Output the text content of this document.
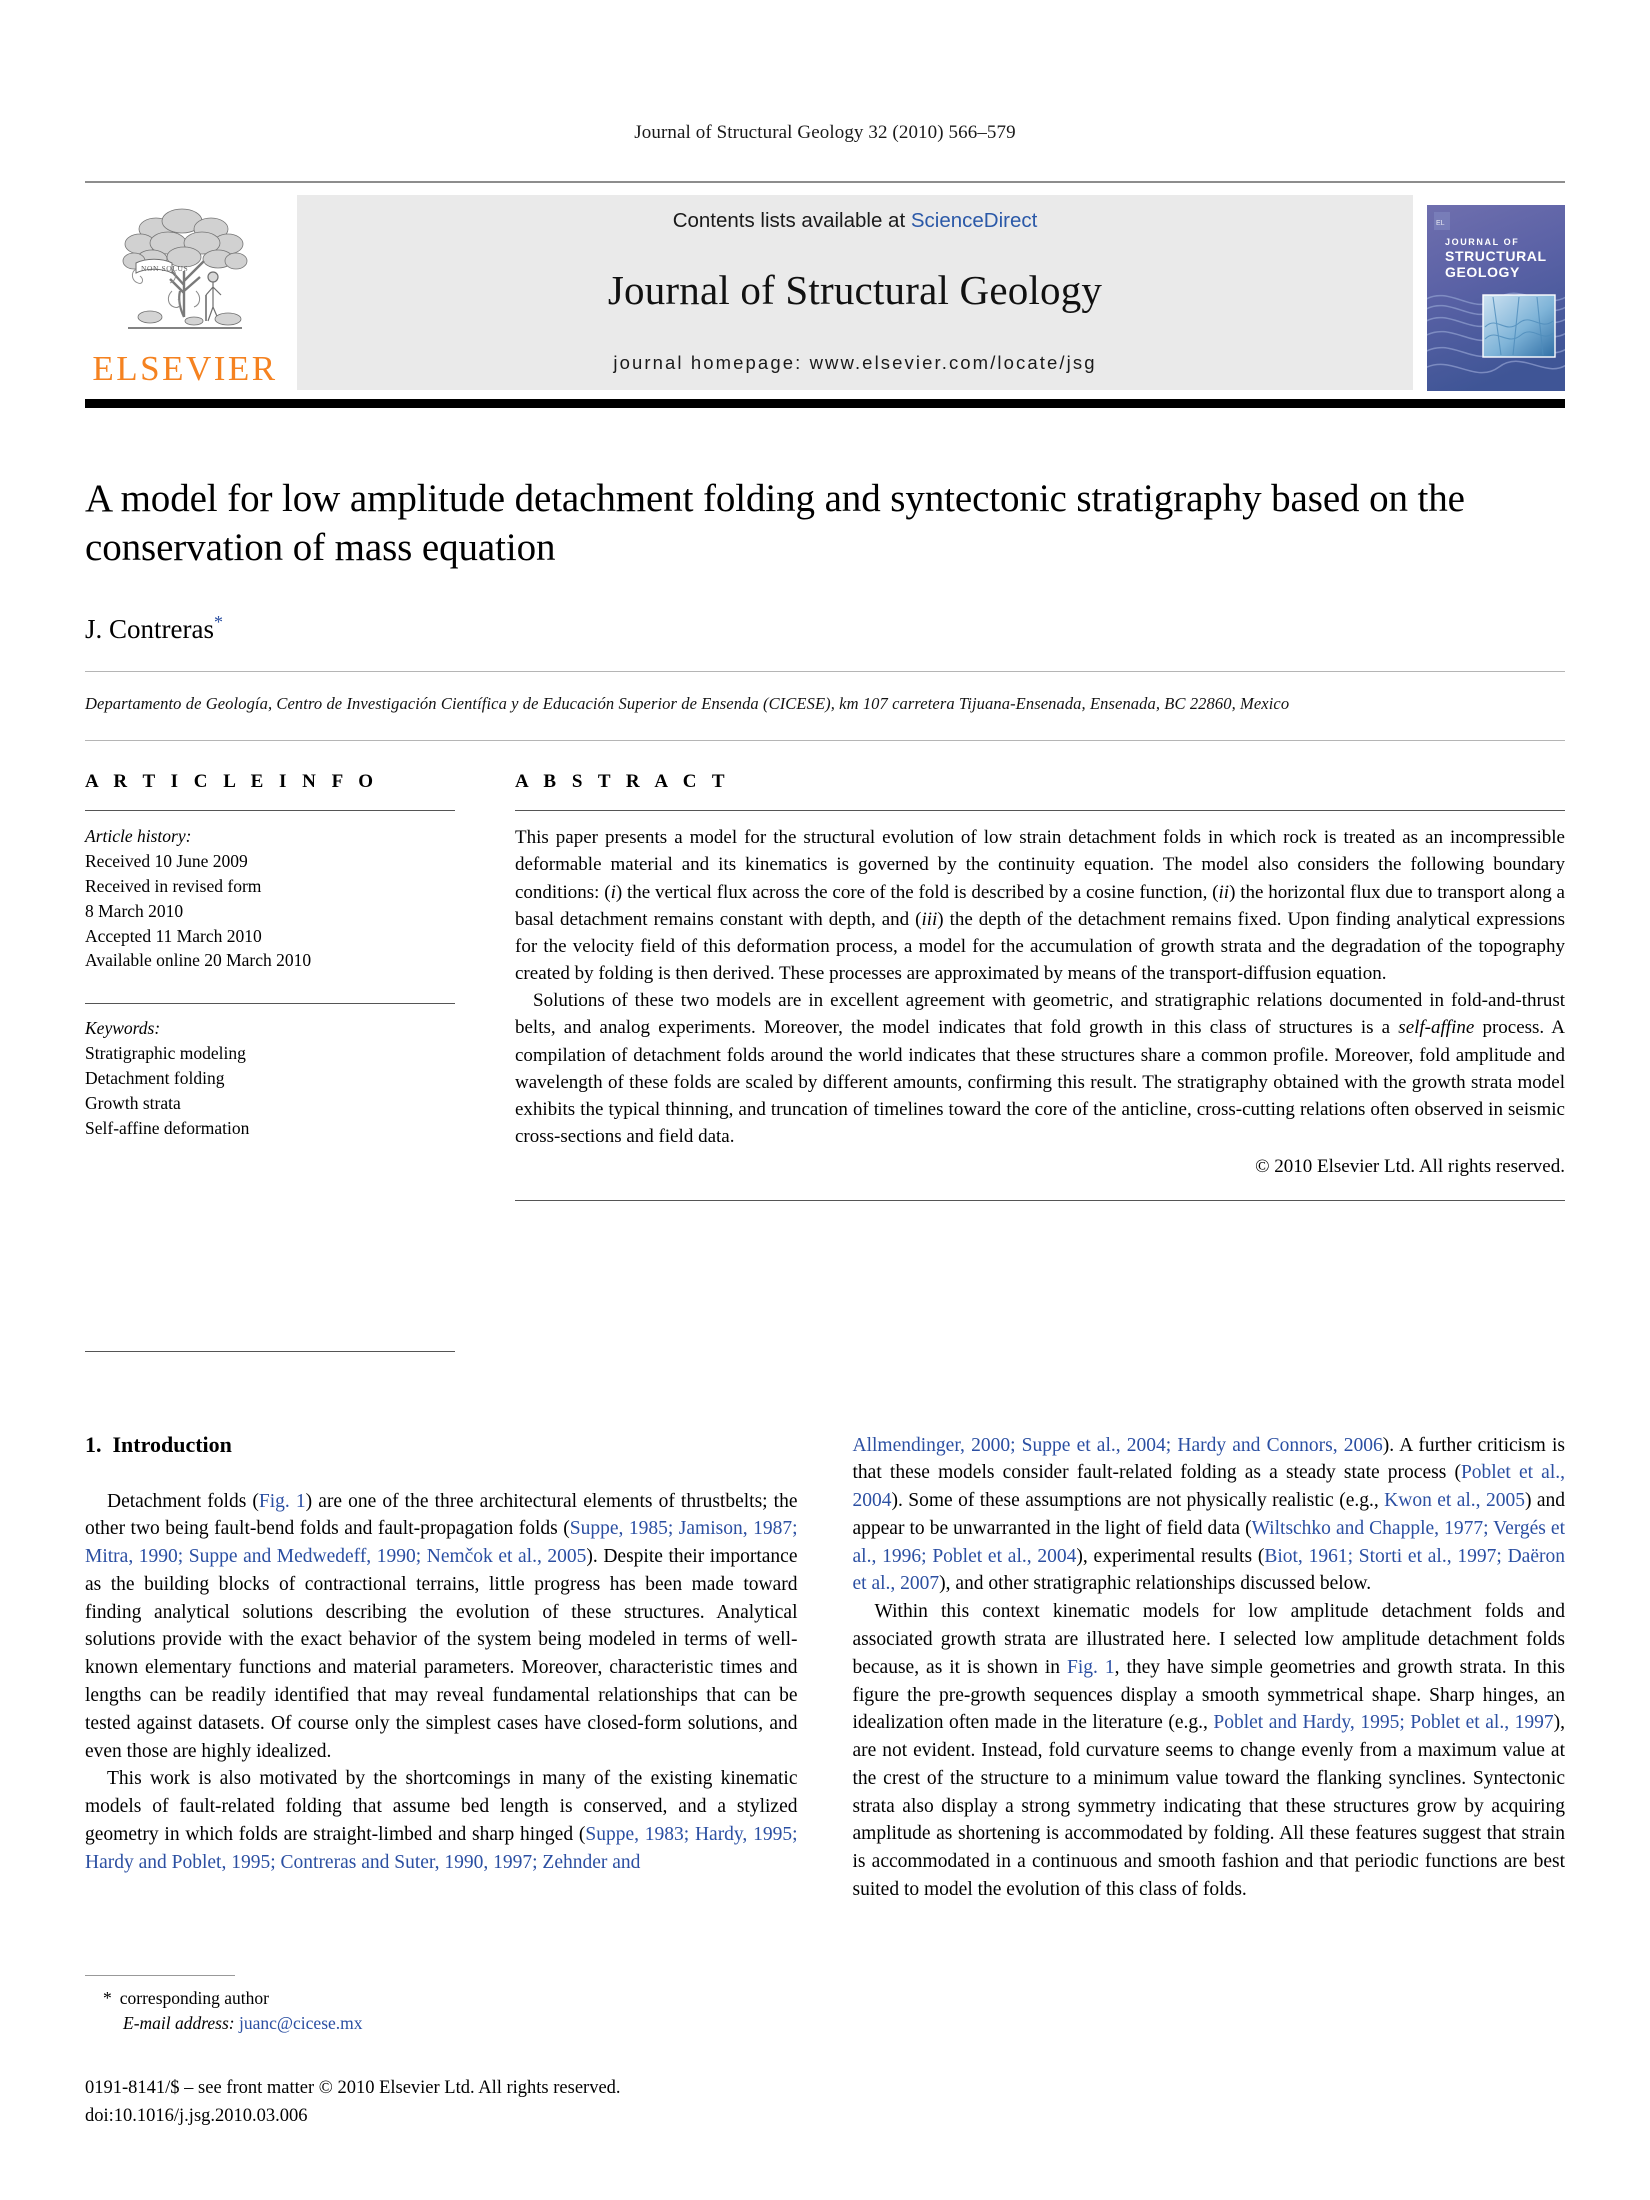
Journal of Structural Geology 32 (2010) 566–579
NON SOLUS
ELSEVIER
Contents lists available at ScienceDirect
Journal of Structural Geology
journal homepage: www.elsevier.com/locate/jsg
EL
JOURNAL OF
STRUCTURAL
GEOLOGY
A model for low amplitude detachment folding and syntectonic stratigraphy based on the conservation of mass equation
J. Contreras*
Departamento de Geología, Centro de Investigación Científica y de Educación Superior de Ensenda (CICESE), km 107 carretera Tijuana-Ensenada, Ensenada, BC 22860, Mexico
A R T I C L E I N F O
Article history:
Received 10 June 2009
Received in revised form
8 March 2010
Accepted 11 March 2010
Available online 20 March 2010
Keywords:
Stratigraphic modeling
Detachment folding
Growth strata
Self-affine deformation
A B S T R A C T

This paper presents a model for the structural evolution of low strain detachment folds in which rock is treated as an incompressible deformable material and its kinematics is governed by the continuity equation. The model also considers the following boundary conditions: (i) the vertical flux across the core of the fold is described by a cosine function, (ii) the horizontal flux due to transport along a basal detachment remains constant with depth, and (iii) the depth of the detachment remains fixed. Upon finding analytical expressions for the velocity field of this deformation process, a model for the accumulation of growth strata and the degradation of the topography created by folding is then derived. These processes are approximated by means of the transport-diffusion equation.

Solutions of these two models are in excellent agreement with geometric, and stratigraphic relations documented in fold-and-thrust belts, and analog experiments. Moreover, the model indicates that fold growth in this class of structures is a self-affine process. A compilation of detachment folds around the world indicates that these structures share a common profile. Moreover, fold amplitude and wavelength of these folds are scaled by different amounts, confirming this result. The stratigraphy obtained with the growth strata model exhibits the typical thinning, and truncation of timelines toward the core of the anticline, cross-cutting relations often observed in seismic cross-sections and field data.

© 2010 Elsevier Ltd. All rights reserved.
1. Introduction

Detachment folds (Fig. 1) are one of the three architectural elements of thrustbelts; the other two being fault-bend folds and fault-propagation folds (Suppe, 1985; Jamison, 1987; Mitra, 1990; Suppe and Medwedeff, 1990; Nemčok et al., 2005). Despite their importance as the building blocks of contractional terrains, little progress has been made toward finding analytical solutions describing the evolution of these structures. Analytical solutions provide with the exact behavior of the system being modeled in terms of well-known elementary functions and material parameters. Moreover, characteristic times and lengths can be readily identified that may reveal fundamental relationships that can be tested against datasets. Of course only the simplest cases have closed-form solutions, and even those are highly idealized.

This work is also motivated by the shortcomings in many of the existing kinematic models of fault-related folding that assume bed length is conserved, and a stylized geometry in which folds are straight-limbed and sharp hinged (Suppe, 1983; Hardy, 1995; Hardy and Poblet, 1995; Contreras and Suter, 1990, 1997; Zehnder and

Allmendinger, 2000; Suppe et al., 2004; Hardy and Connors, 2006). A further criticism is that these models consider fault-related folding as a steady state process (Poblet et al., 2004). Some of these assumptions are not physically realistic (e.g., Kwon et al., 2005) and appear to be unwarranted in the light of field data (Wiltschko and Chapple, 1977; Vergés et al., 1996; Poblet et al., 2004), experimental results (Biot, 1961; Storti et al., 1997; Daëron et al., 2007), and other stratigraphic relationships discussed below.

Within this context kinematic models for low amplitude detachment folds and associated growth strata are illustrated here. I selected low amplitude detachment folds because, as it is shown in Fig. 1, they have simple geometries and growth strata. In this figure the pre-growth sequences display a smooth symmetrical shape. Sharp hinges, an idealization often made in the literature (e.g., Poblet and Hardy, 1995; Poblet et al., 1997), are not evident. Instead, fold curvature seems to change evenly from a maximum value at the crest of the structure to a minimum value toward the flanking synclines. Syntectonic strata also display a strong symmetry indicating that these structures grow by acquiring amplitude as shortening is accommodated by folding. All these features suggest that strain is accommodated in a continuous and smooth fashion and that periodic functions are best suited to model the evolution of this class of folds.

* corresponding author
E-mail address: juanc@cicese.mx
0191-8141/$ – see front matter © 2010 Elsevier Ltd. All rights reserved.
doi:10.1016/j.jsg.2010.03.006
